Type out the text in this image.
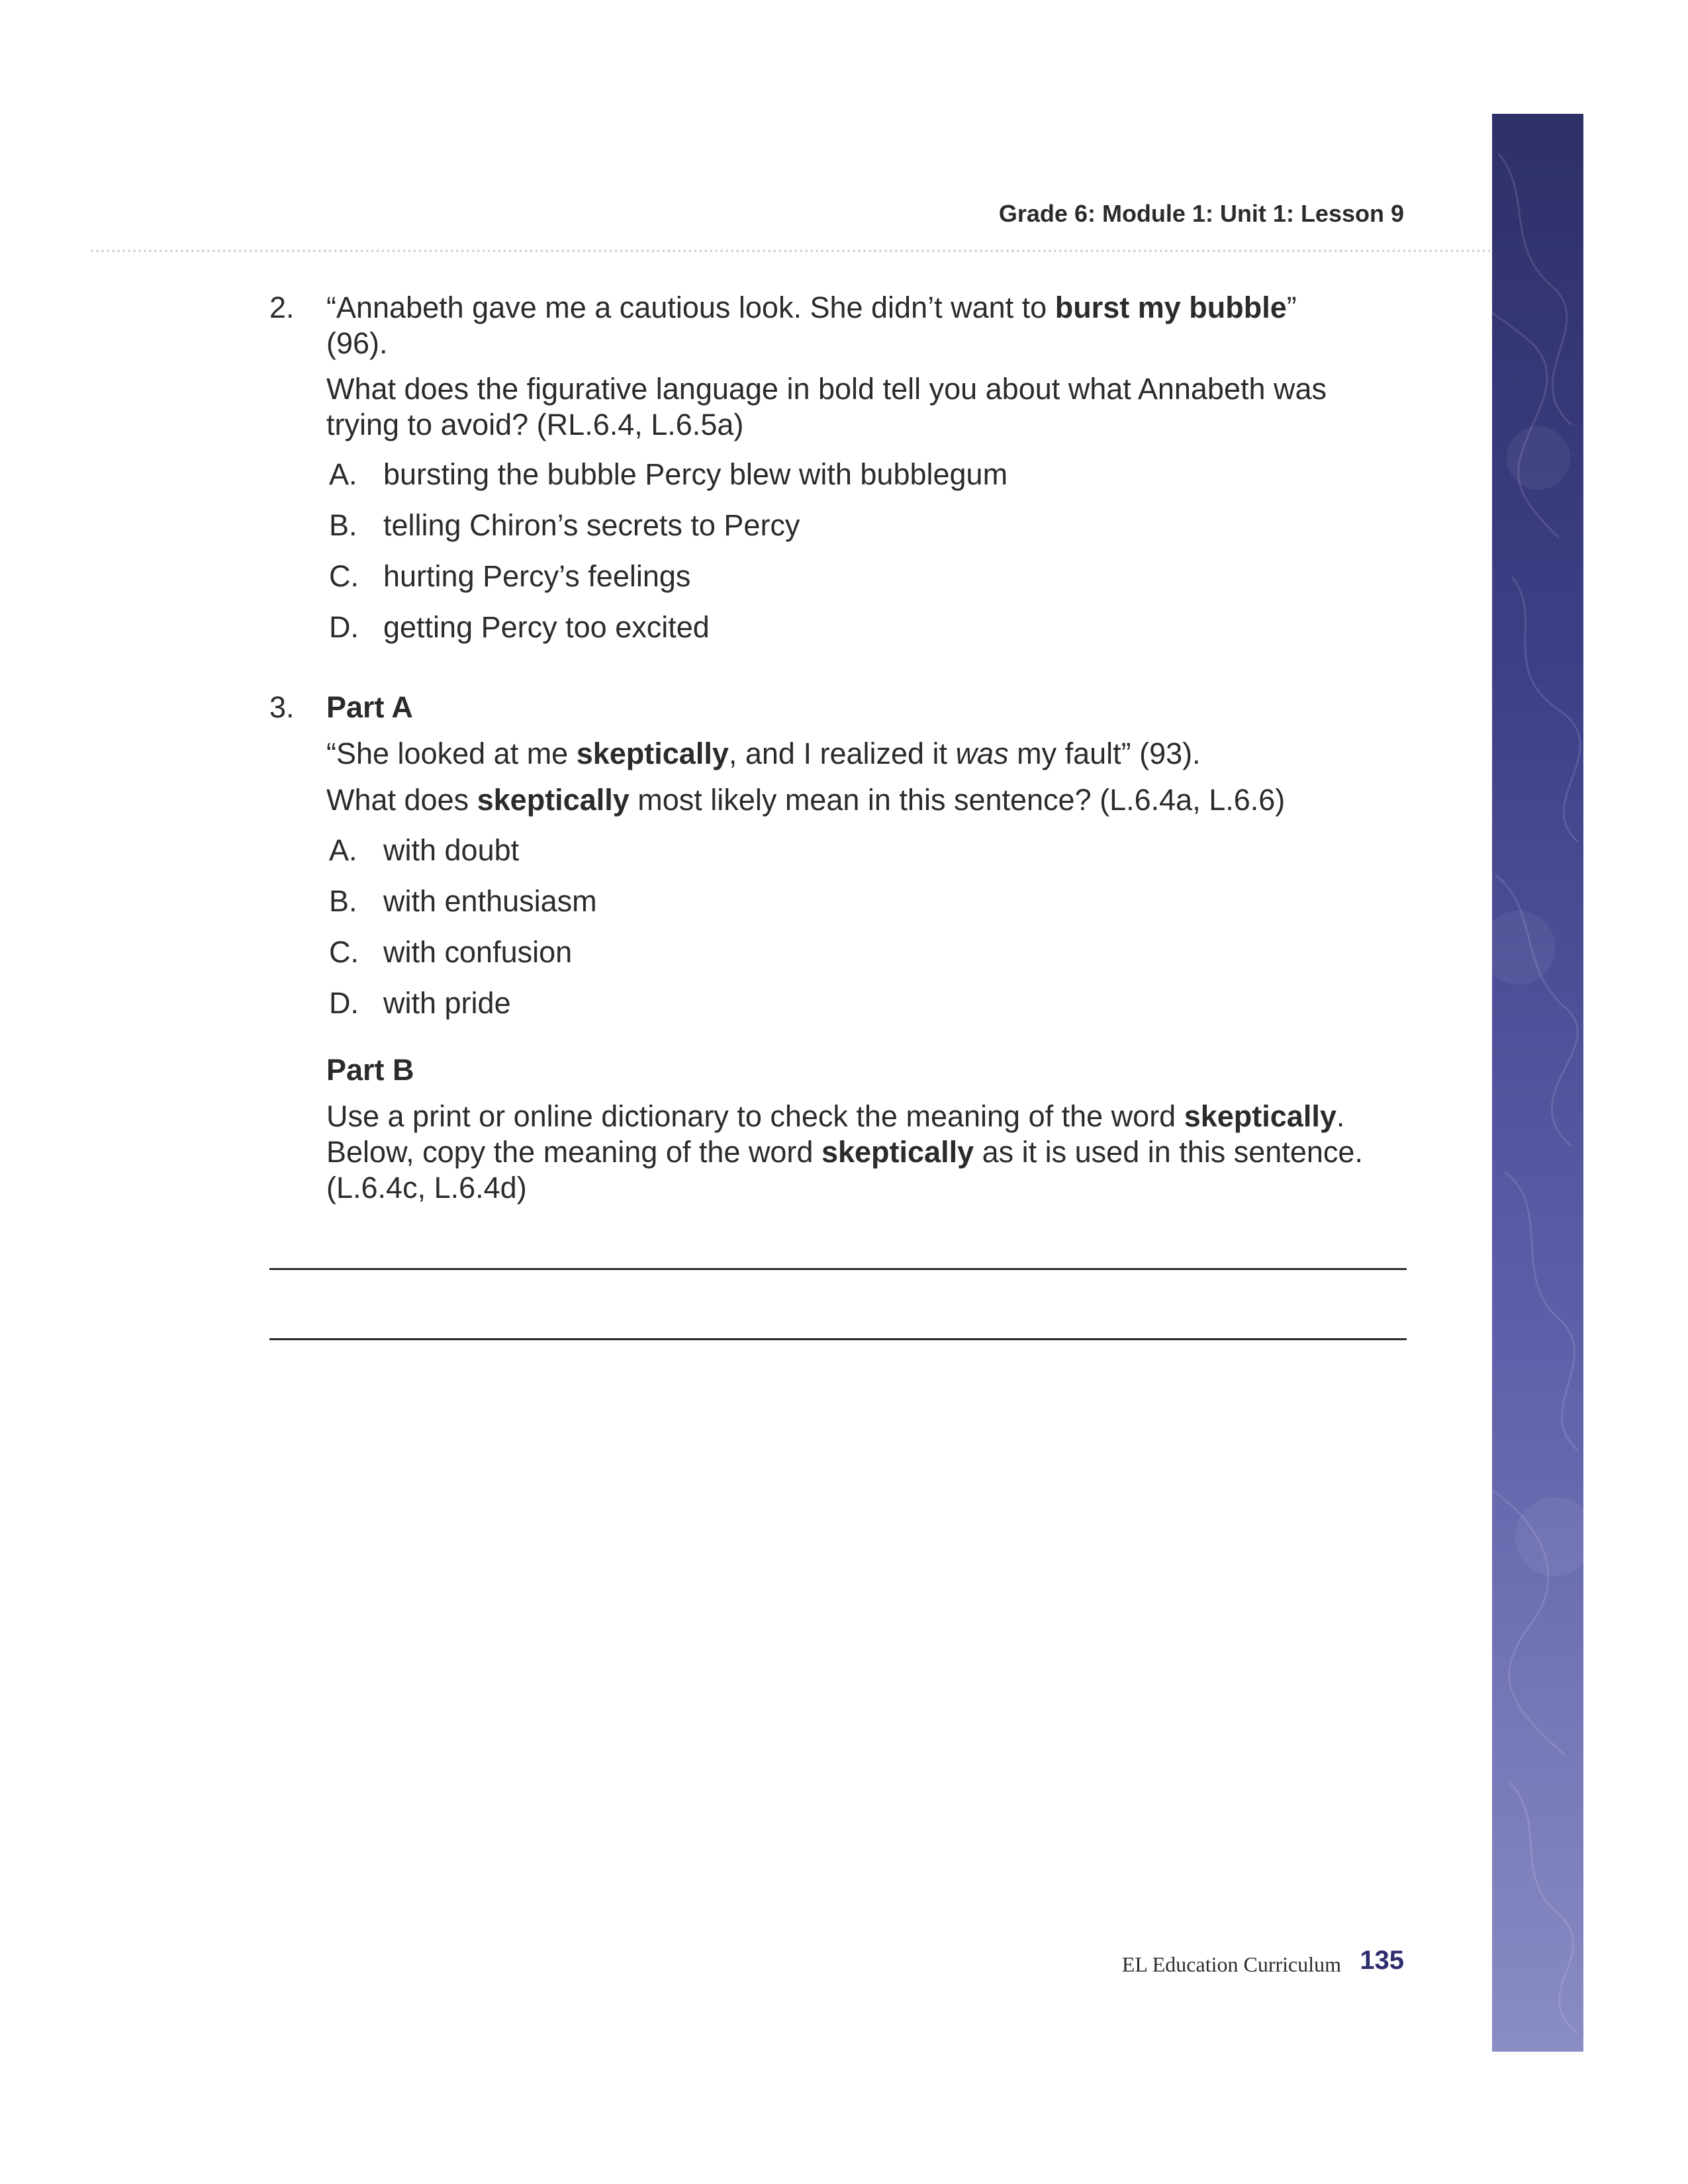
Grade 6: Module 1: Unit 1: Lesson 9
2.	“Annabeth gave me a cautious look. She didn’t want to burst my bubble”
(96).

What does the figurative language in bold tell you about what Annabeth was trying to avoid? (RL.6.4, L.6.5a)

A. bursting the bubble Percy blew with bubblegum
B. telling Chiron’s secrets to Percy
C. hurting Percy’s feelings
D. getting Percy too excited
3.	Part A

“She looked at me skeptically, and I realized it was my fault” (93).

What does skeptically most likely mean in this sentence? (L.6.4a, L.6.6)

A. with doubt
B. with enthusiasm
C. with confusion
D. with pride
Part B

Use a print or online dictionary to check the meaning of the word skeptically. Below, copy the meaning of the word skeptically as it is used in this sentence. (L.6.4c, L.6.4d)

EL Education Curriculum 135
